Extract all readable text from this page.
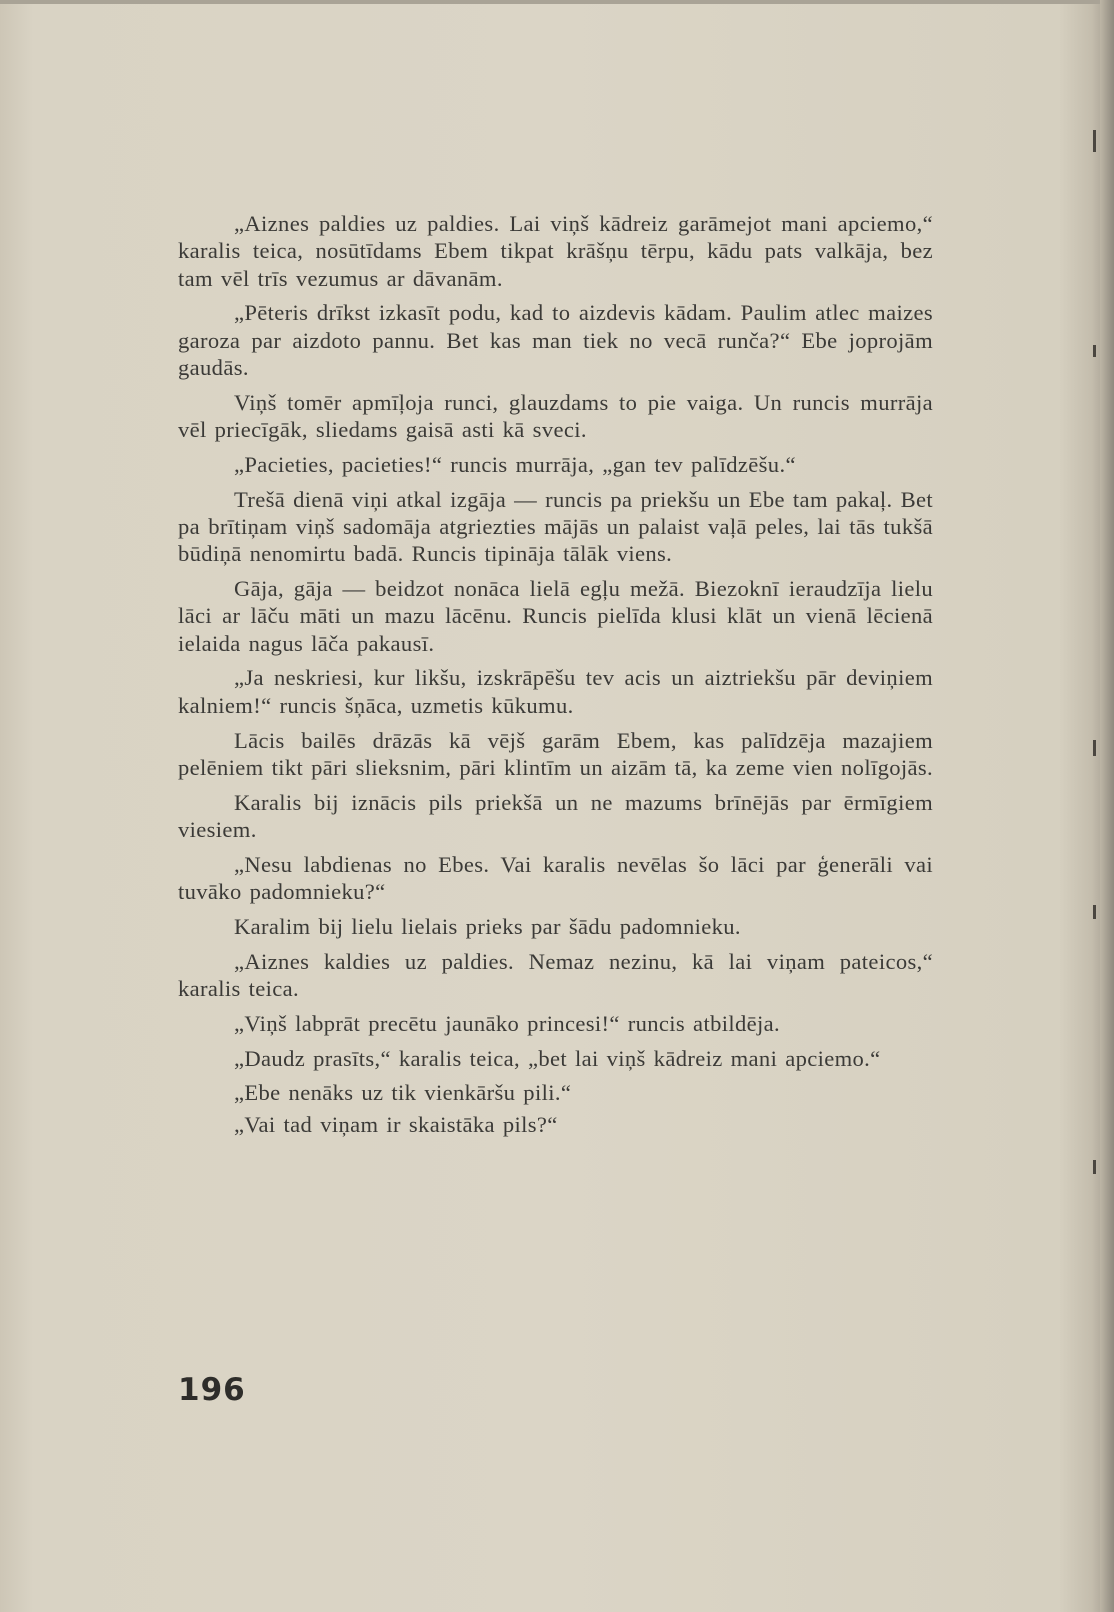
„Aiznes paldies uz paldies. Lai viņš kādreiz garāmejot mani apciemo,“ karalis teica, nosūtīdams Ebem tikpat krāšņu tērpu, kādu pats valkāja, bez tam vēl trīs vezumus ar dāvanām.

„Pēteris drīkst izkasīt podu, kad to aizdevis kādam. Paulim atlec maizes garoza par aizdoto pannu. Bet kas man tiek no vecā runča?“ Ebe joprojām gaudās.

Viņš tomēr apmīļoja runci, glauzdams to pie vaiga. Un runcis murrāja vēl priecīgāk, sliedams gaisā asti kā sveci.

„Pacieties, pacieties!“ runcis murrāja, „gan tev palīdzēšu.“

Trešā dienā viņi atkal izgāja — runcis pa priekšu un Ebe tam pakaļ. Bet pa brītiņam viņš sadomāja atgriezties mājās un palaist vaļā peles, lai tās tukšā būdiņā nenomirtu badā. Runcis tipināja tālāk viens.

Gāja, gāja — beidzot nonāca lielā egļu mežā. Biezoknī ieraudzīja lielu lāci ar lāču māti un mazu lācēnu. Runcis pielīda klusi klāt un vienā lēcienā ielaida nagus lāča pakausī.

„Ja neskriesi, kur likšu, izskrāpēšu tev acis un aiztriekšu pār deviņiem kalniem!“ runcis šņāca, uzmetis kūkumu.

Lācis bailēs drāzās kā vējš garām Ebem, kas palīdzēja mazajiem pelēniem tikt pāri slieksnim, pāri klintīm un aizām tā, ka zeme vien nolīgojās.

Karalis bij iznācis pils priekšā un ne mazums brīnējās par ērmīgiem viesiem.

„Nesu labdienas no Ebes. Vai karalis nevēlas šo lāci par ģenerāli vai tuvāko padomnieku?“

Karalim bij lielu lielais prieks par šādu padomnieku.

„Aiznes kaldies uz paldies. Nemaz nezinu, kā lai viņam pateicos,“ karalis teica.

„Viņš labprāt precētu jaunāko princesi!“ runcis atbildēja.

„Daudz prasīts,“ karalis teica, „bet lai viņš kādreiz mani apciemo.“

„Ebe nenāks uz tik vienkāršu pili.“

„Vai tad viņam ir skaistāka pils?“

196
